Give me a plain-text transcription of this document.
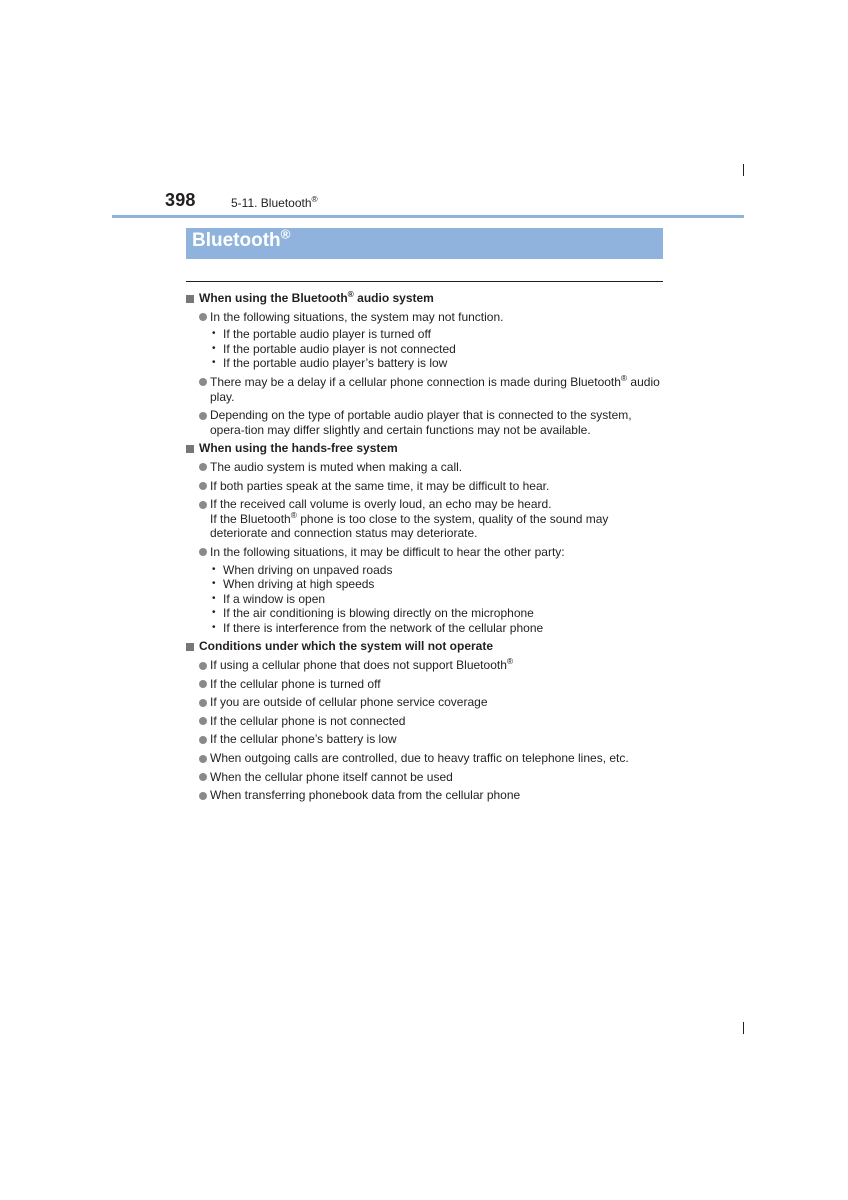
398	5-11. Bluetooth®
Bluetooth®
When using the Bluetooth® audio system
In the following situations, the system may not function.
• If the portable audio player is turned off
• If the portable audio player is not connected
• If the portable audio player’s battery is low
There may be a delay if a cellular phone connection is made during Bluetooth® audio play.
Depending on the type of portable audio player that is connected to the system, opera-tion may differ slightly and certain functions may not be available.
When using the hands-free system
The audio system is muted when making a call.
If both parties speak at the same time, it may be difficult to hear.
If the received call volume is overly loud, an echo may be heard.
If the Bluetooth® phone is too close to the system, quality of the sound may deteriorate and connection status may deteriorate.
In the following situations, it may be difficult to hear the other party:
• When driving on unpaved roads
• When driving at high speeds
• If a window is open
• If the air conditioning is blowing directly on the microphone
• If there is interference from the network of the cellular phone
Conditions under which the system will not operate
If using a cellular phone that does not support Bluetooth®
If the cellular phone is turned off
If you are outside of cellular phone service coverage
If the cellular phone is not connected
If the cellular phone’s battery is low
When outgoing calls are controlled, due to heavy traffic on telephone lines, etc.
When the cellular phone itself cannot be used
When transferring phonebook data from the cellular phone
